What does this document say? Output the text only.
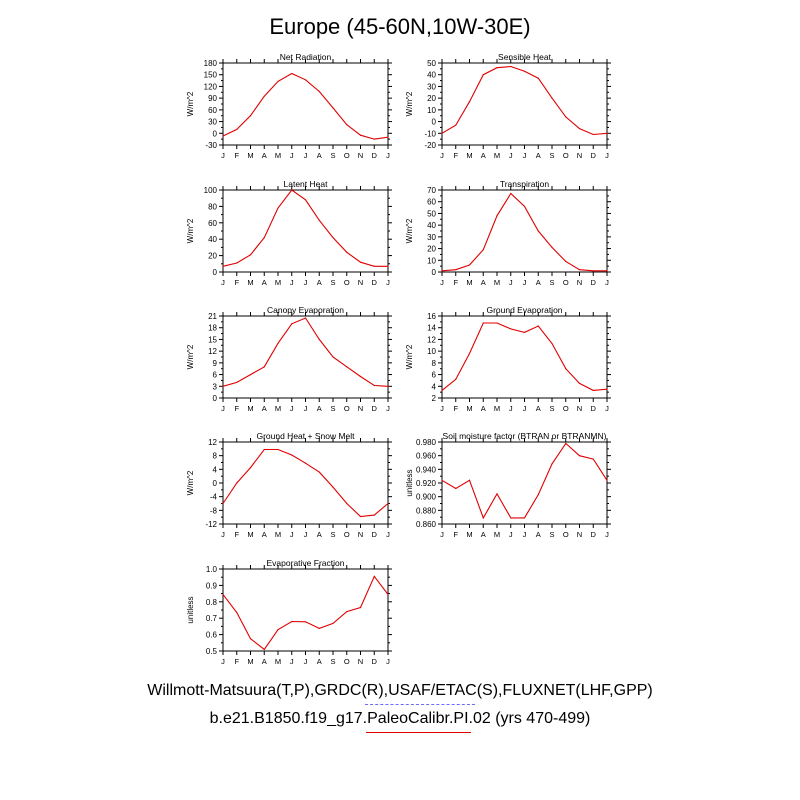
Europe (45-60N,10W-30E)
Net Radiation
W/m^2
-30
0
30
60
90
120
150
180
J F M A M J J A S O N D J
Sensible Heat
W/m^2
-20
-10
0
10
20
30
40
50
J F M A M J J A S O N D J
Latent Heat
W/m^2
0
20
40
60
80
100
J F M A M J J A S O N D J
Transpiration
W/m^2
0
10
20
30
40
50
60
70
J F M A M J J A S O N D J
Canopy Evaporation
W/m^2
0
3
6
9
12
15
18
21
J F M A M J J A S O N D J
Ground Evaporation
W/m^2
2
4
6
8
10
12
14
16
J F M A M J J A S O N D J
Ground Heat + Snow Melt
W/m^2
-12
-8
-4
0
4
8
12
J F M A M J J A S O N D J
Soil moisture factor (BTRAN or BTRANMN)
unitless
0.860
0.880
0.900
0.920
0.940
0.960
0.980
J F M A M J J A S O N D J
Evaporative Fraction
unitless
0.5
0.6
0.7
0.8
0.9
1.0
J F M A M J J A S O N D J
Willmott-Matsuura(T,P),GRDC(R),USAF/ETAC(S),FLUXNET(LHF,GPP)
b.e21.B1850.f19_g17.PaleoCalibr.PI.02 (yrs 470-499)
